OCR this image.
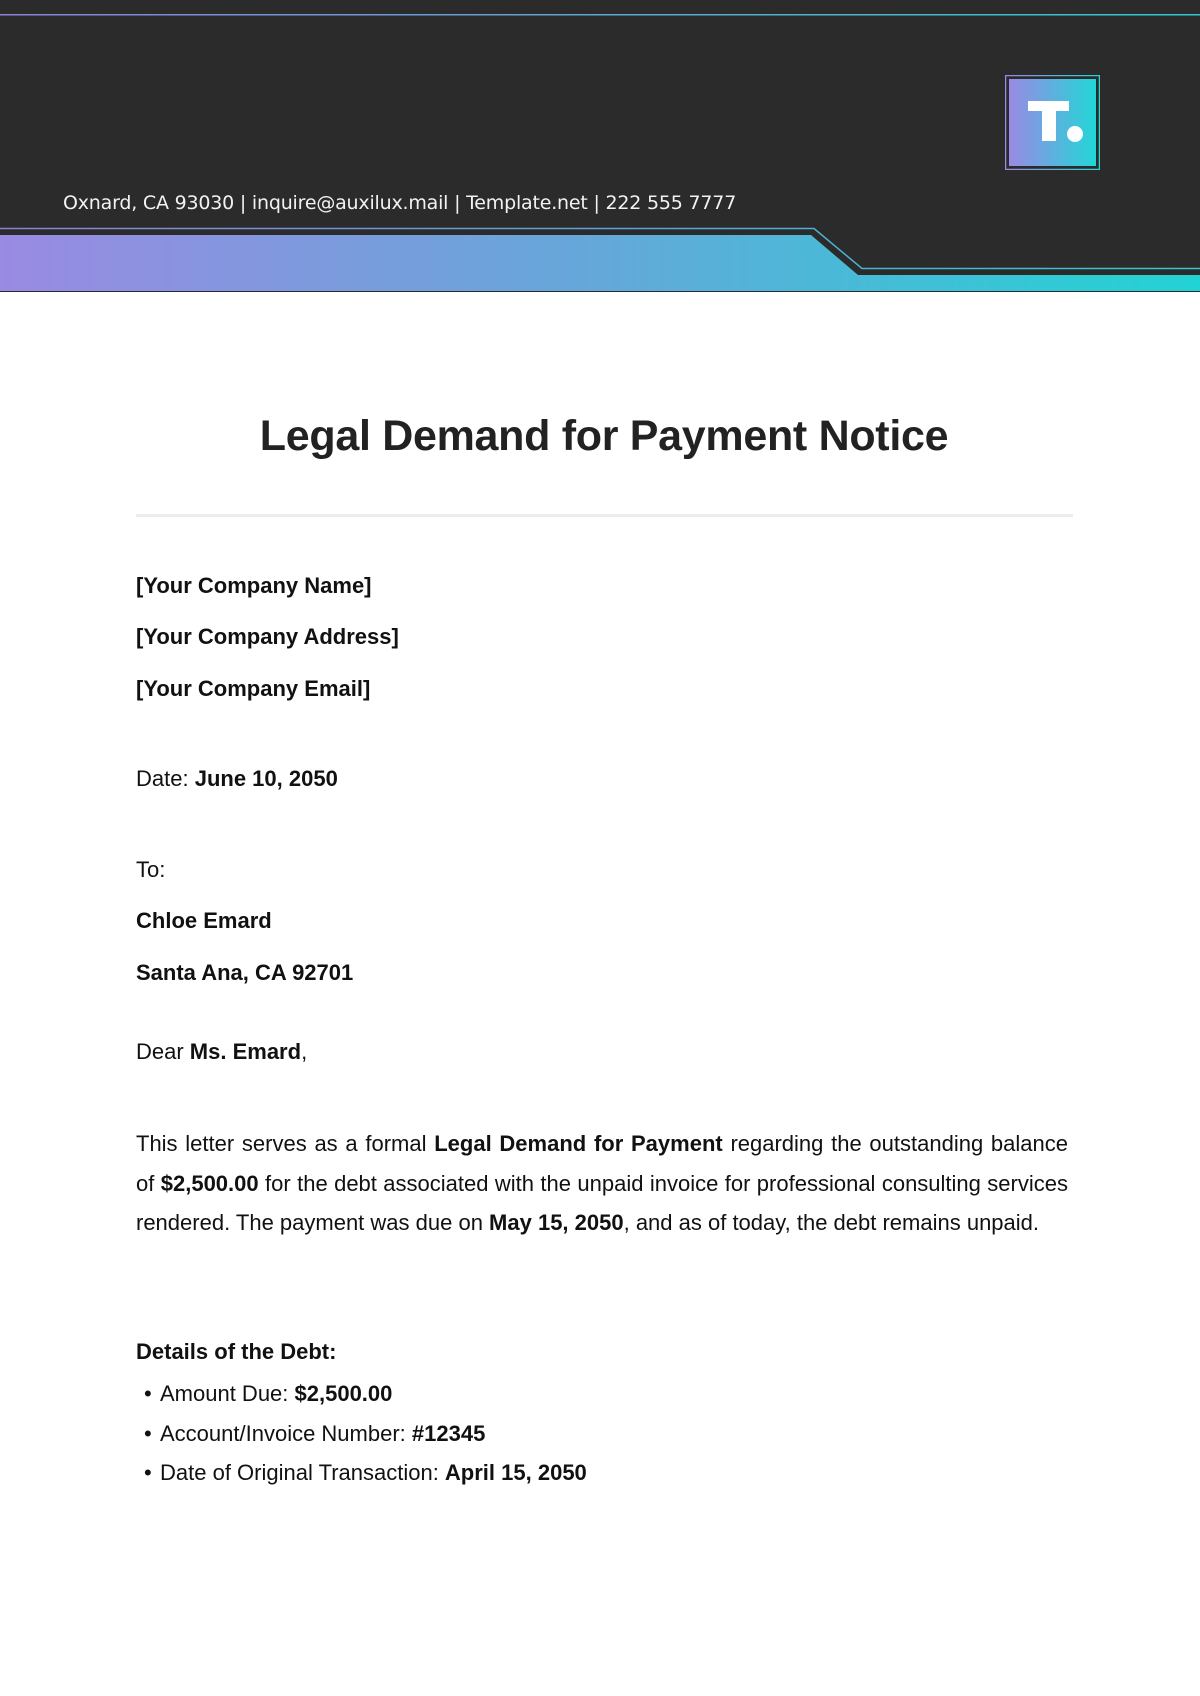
Oxnard, CA 93030 | inquire@auxilux.mail | Template.net | 222 555 7777
Legal Demand for Payment Notice
[Your Company Name]
[Your Company Address]
[Your Company Email]
Date: June 10, 2050
To:
Chloe Emard
Santa Ana, CA 92701
Dear Ms. Emard,
This letter serves as a formal Legal Demand for Payment regarding the outstanding balance of $2,500.00 for the debt associated with the unpaid invoice for professional consulting services rendered. The payment was due on May 15, 2050, and as of today, the debt remains unpaid.
Details of the Debt:
• Amount Due: $2,500.00
• Account/Invoice Number: #12345
• Date of Original Transaction: April 15, 2050
